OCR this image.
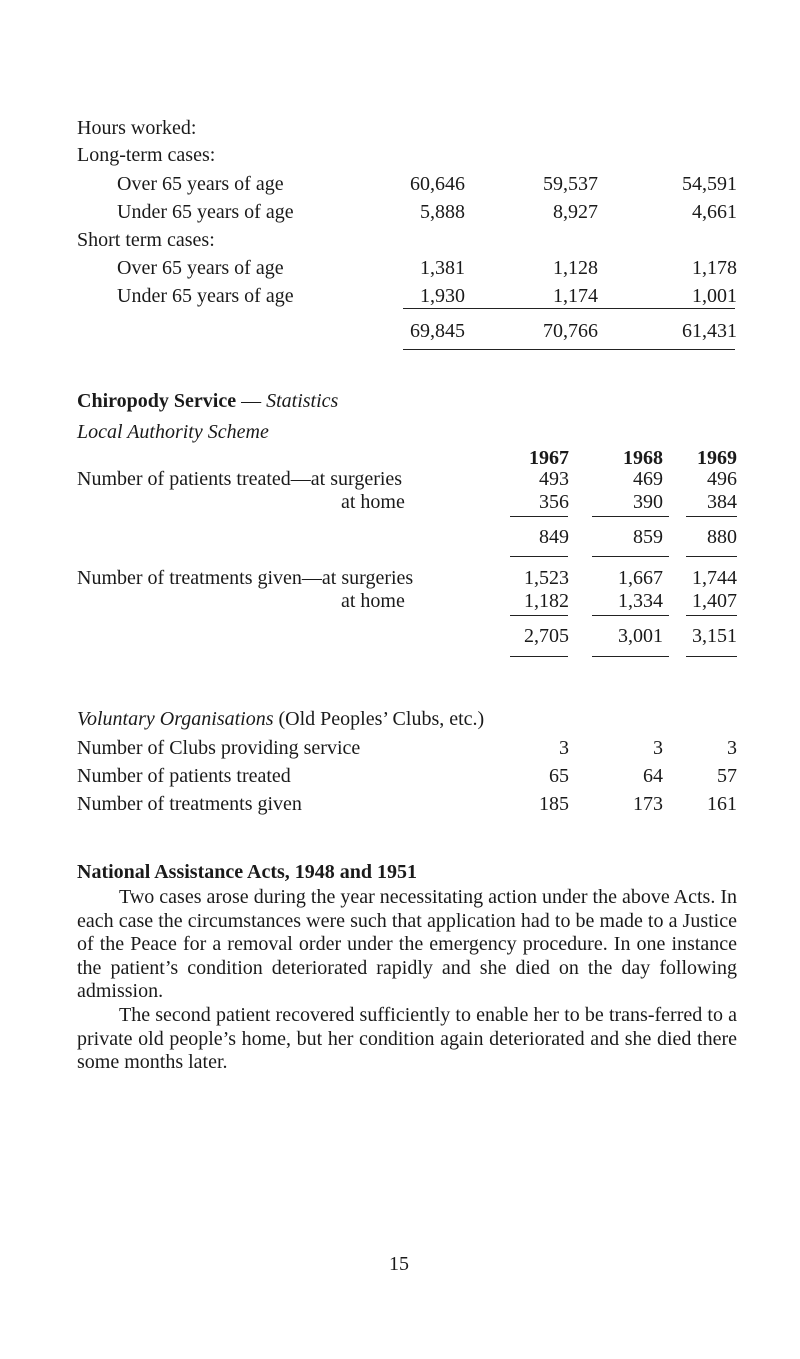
Hours worked:
Long-term cases:
Over 65 years of age	60,646	59,537	54,591
Under 65 years of age	5,888	8,927	4,661
Short term cases:
Over 65 years of age	1,381	1,128	1,178
Under 65 years of age	1,930	1,174	1,001
69,845	70,766	61,431
Chiropody Service — Statistics
Local Authority Scheme
1967	1968 1969
Number of patients treated—at surgeries	493	469 496
at home	356	390 384
849	859 880
Number of treatments given—at surgeries	1,523 1,667 1,744
at home	1,182 1,334 1,407
2,705 3,001 3,151
Voluntary Organisations (Old Peoples’ Clubs, etc.)
Number of Clubs providing service	3	3	3
Number of patients treated	65	64	57
Number of treatments given	185	173 161
National Assistance Acts, 1948 and 1951

Two cases arose during the year necessitating action under the above Acts. In each case the circumstances were such that application had to be made to a Justice of the Peace for a removal order under the emergency procedure. In one instance the patient’s condition deteriorated rapidly and she died on the day following admission.

The second patient recovered sufficiently to enable her to be trans-ferred to a private old people’s home, but her condition again deteriorated and she died there some months later.

15
